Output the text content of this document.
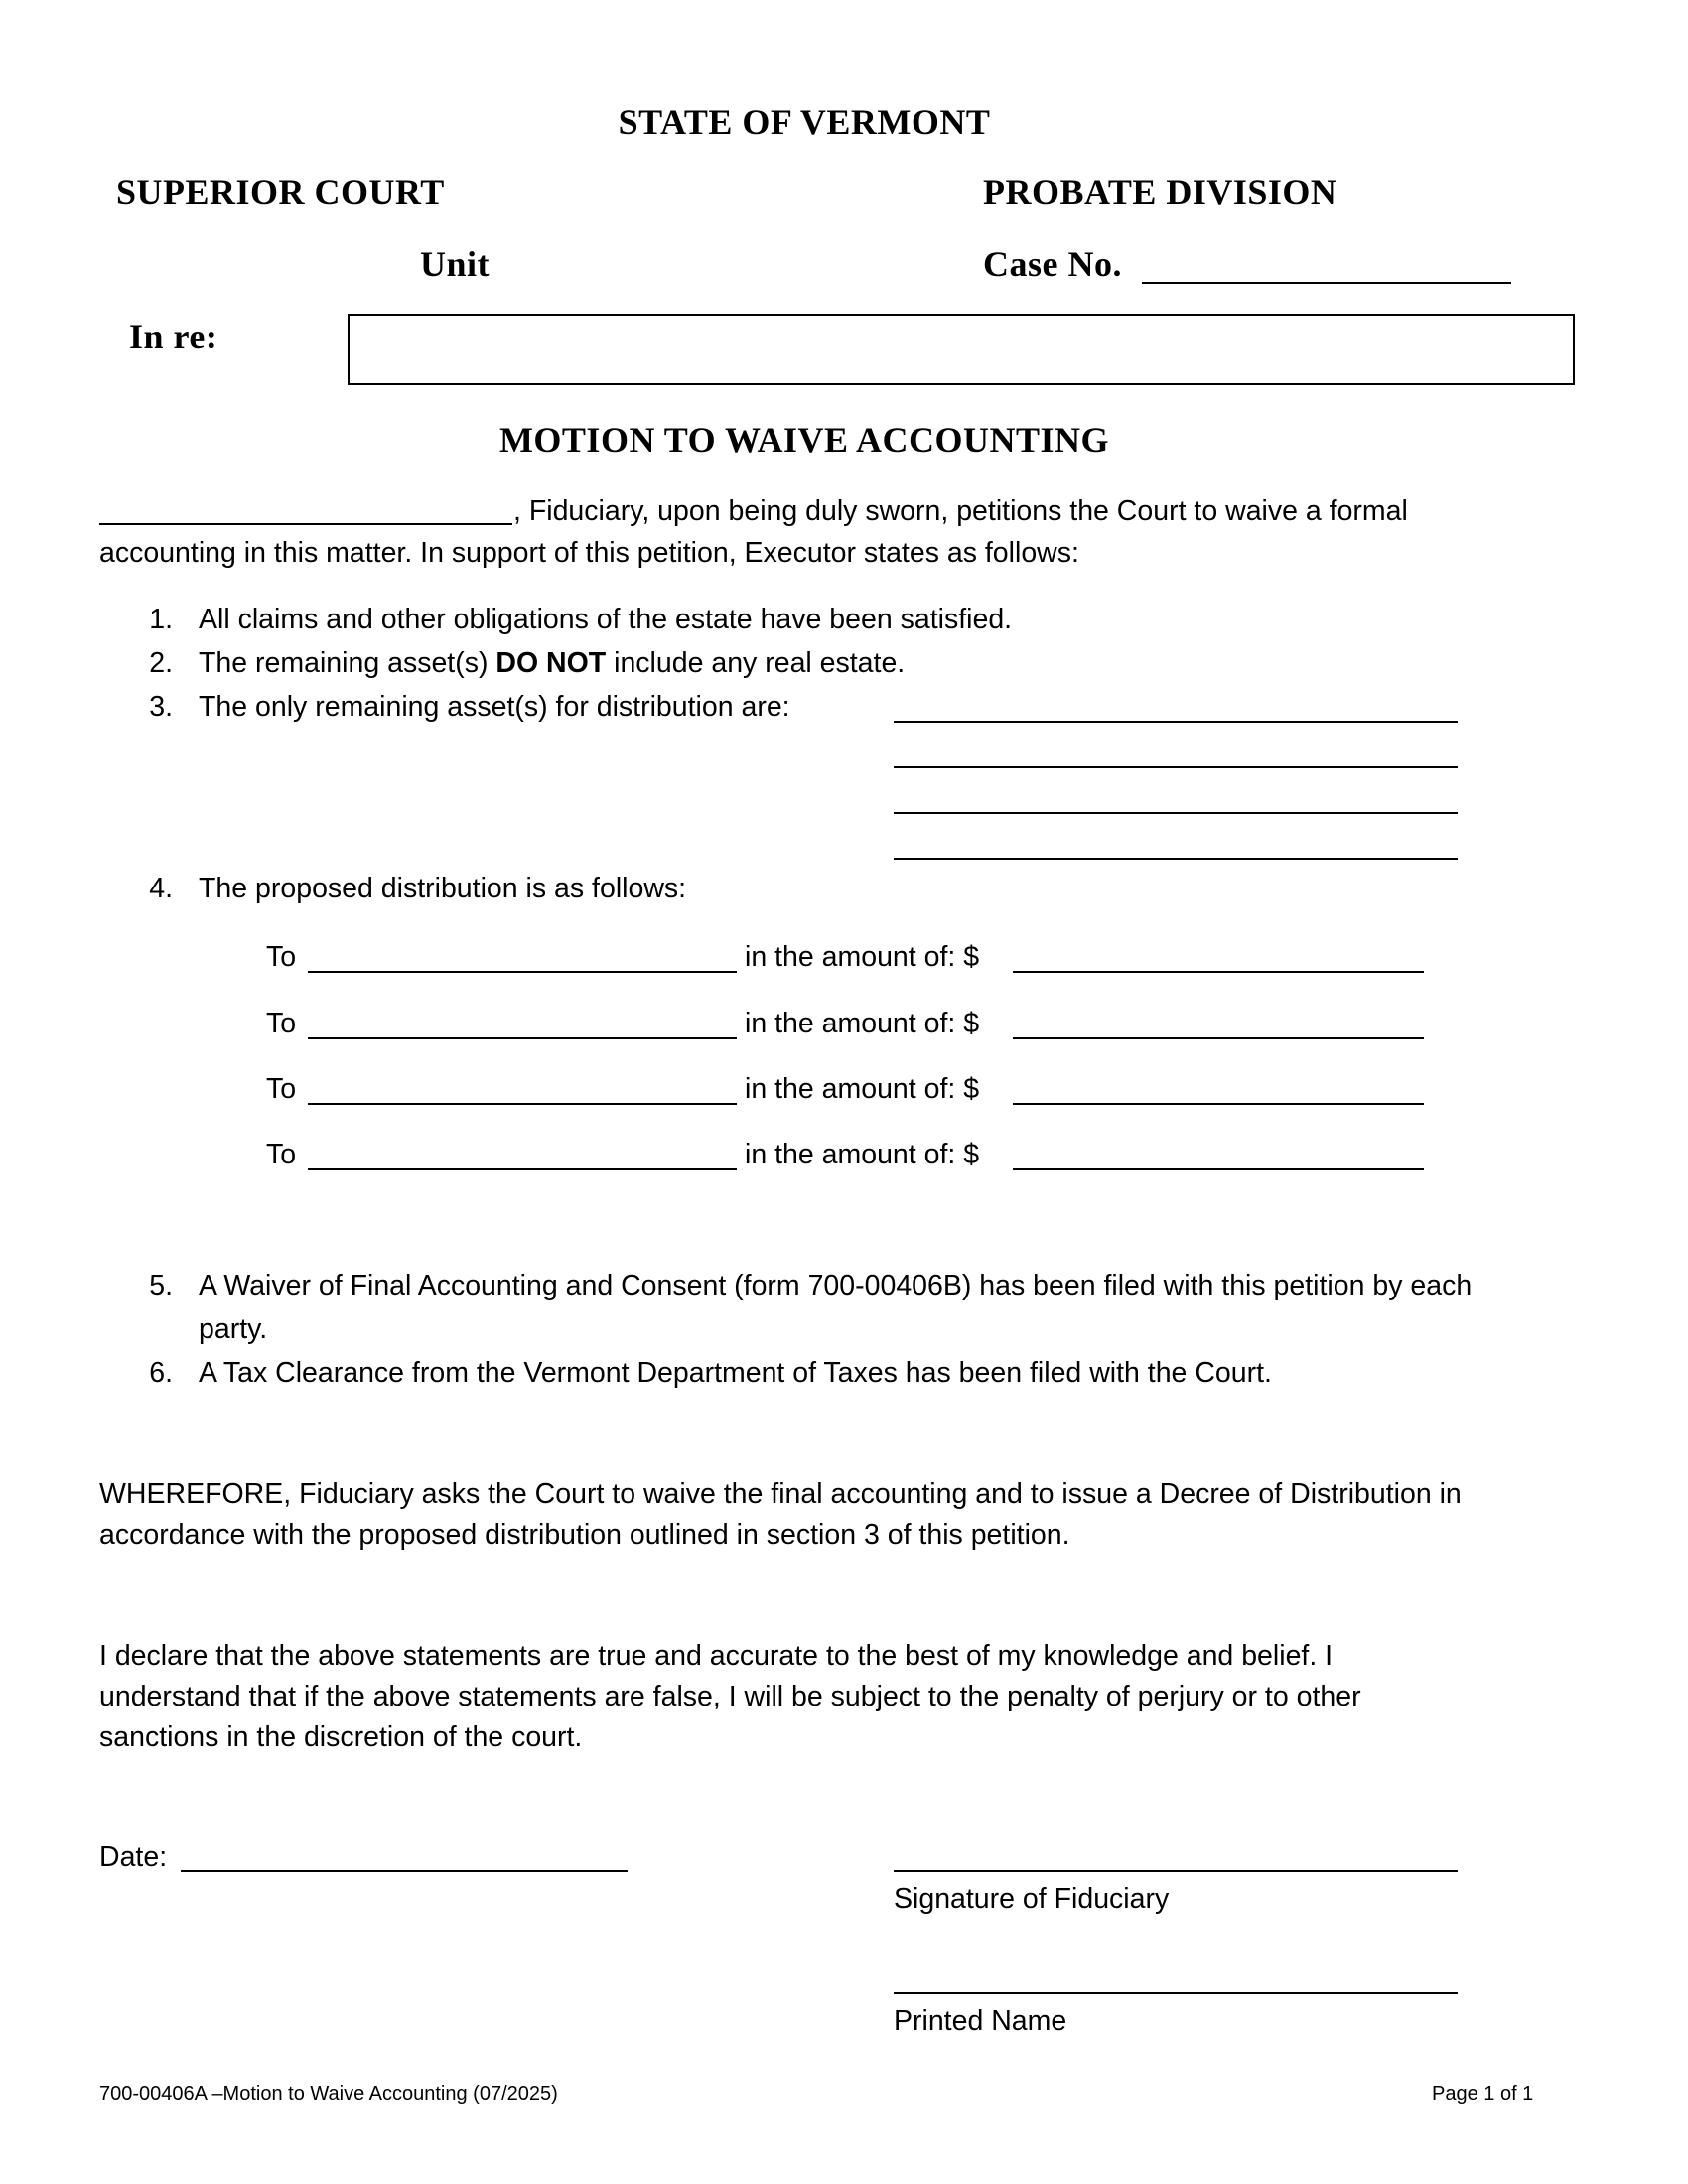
STATE OF VERMONT
SUPERIOR COURT	PROBATE DIVISION
Unit	Case No.
In re:
MOTION TO WAIVE ACCOUNTING
, Fiduciary, upon being duly sworn, petitions the Court to waive a formal
accounting in this matter. In support of this petition, Executor states as follows:
1. All claims and other obligations of the estate have been satisfied.
2. The remaining asset(s) DO NOT include any real estate.
3. The only remaining asset(s) for distribution are:
4. The proposed distribution is as follows:
To	in the amount of: $
To	in the amount of: $
To	in the amount of: $
To	in the amount of: $
5. A Waiver of Final Accounting and Consent (form 700-00406B) has been filed with this petition by each
party.
6. A Tax Clearance from the Vermont Department of Taxes has been filed with the Court.
WHEREFORE, Fiduciary asks the Court to waive the final accounting and to issue a Decree of Distribution in
accordance with the proposed distribution outlined in section 3 of this petition.
I declare that the above statements are true and accurate to the best of my knowledge and belief. I
understand that if the above statements are false, I will be subject to the penalty of perjury or to other
sanctions in the discretion of the court.
Date:
Signature of Fiduciary
Printed Name
700-00406A –Motion to Waive Accounting (07/2025)	Page 1 of 1
